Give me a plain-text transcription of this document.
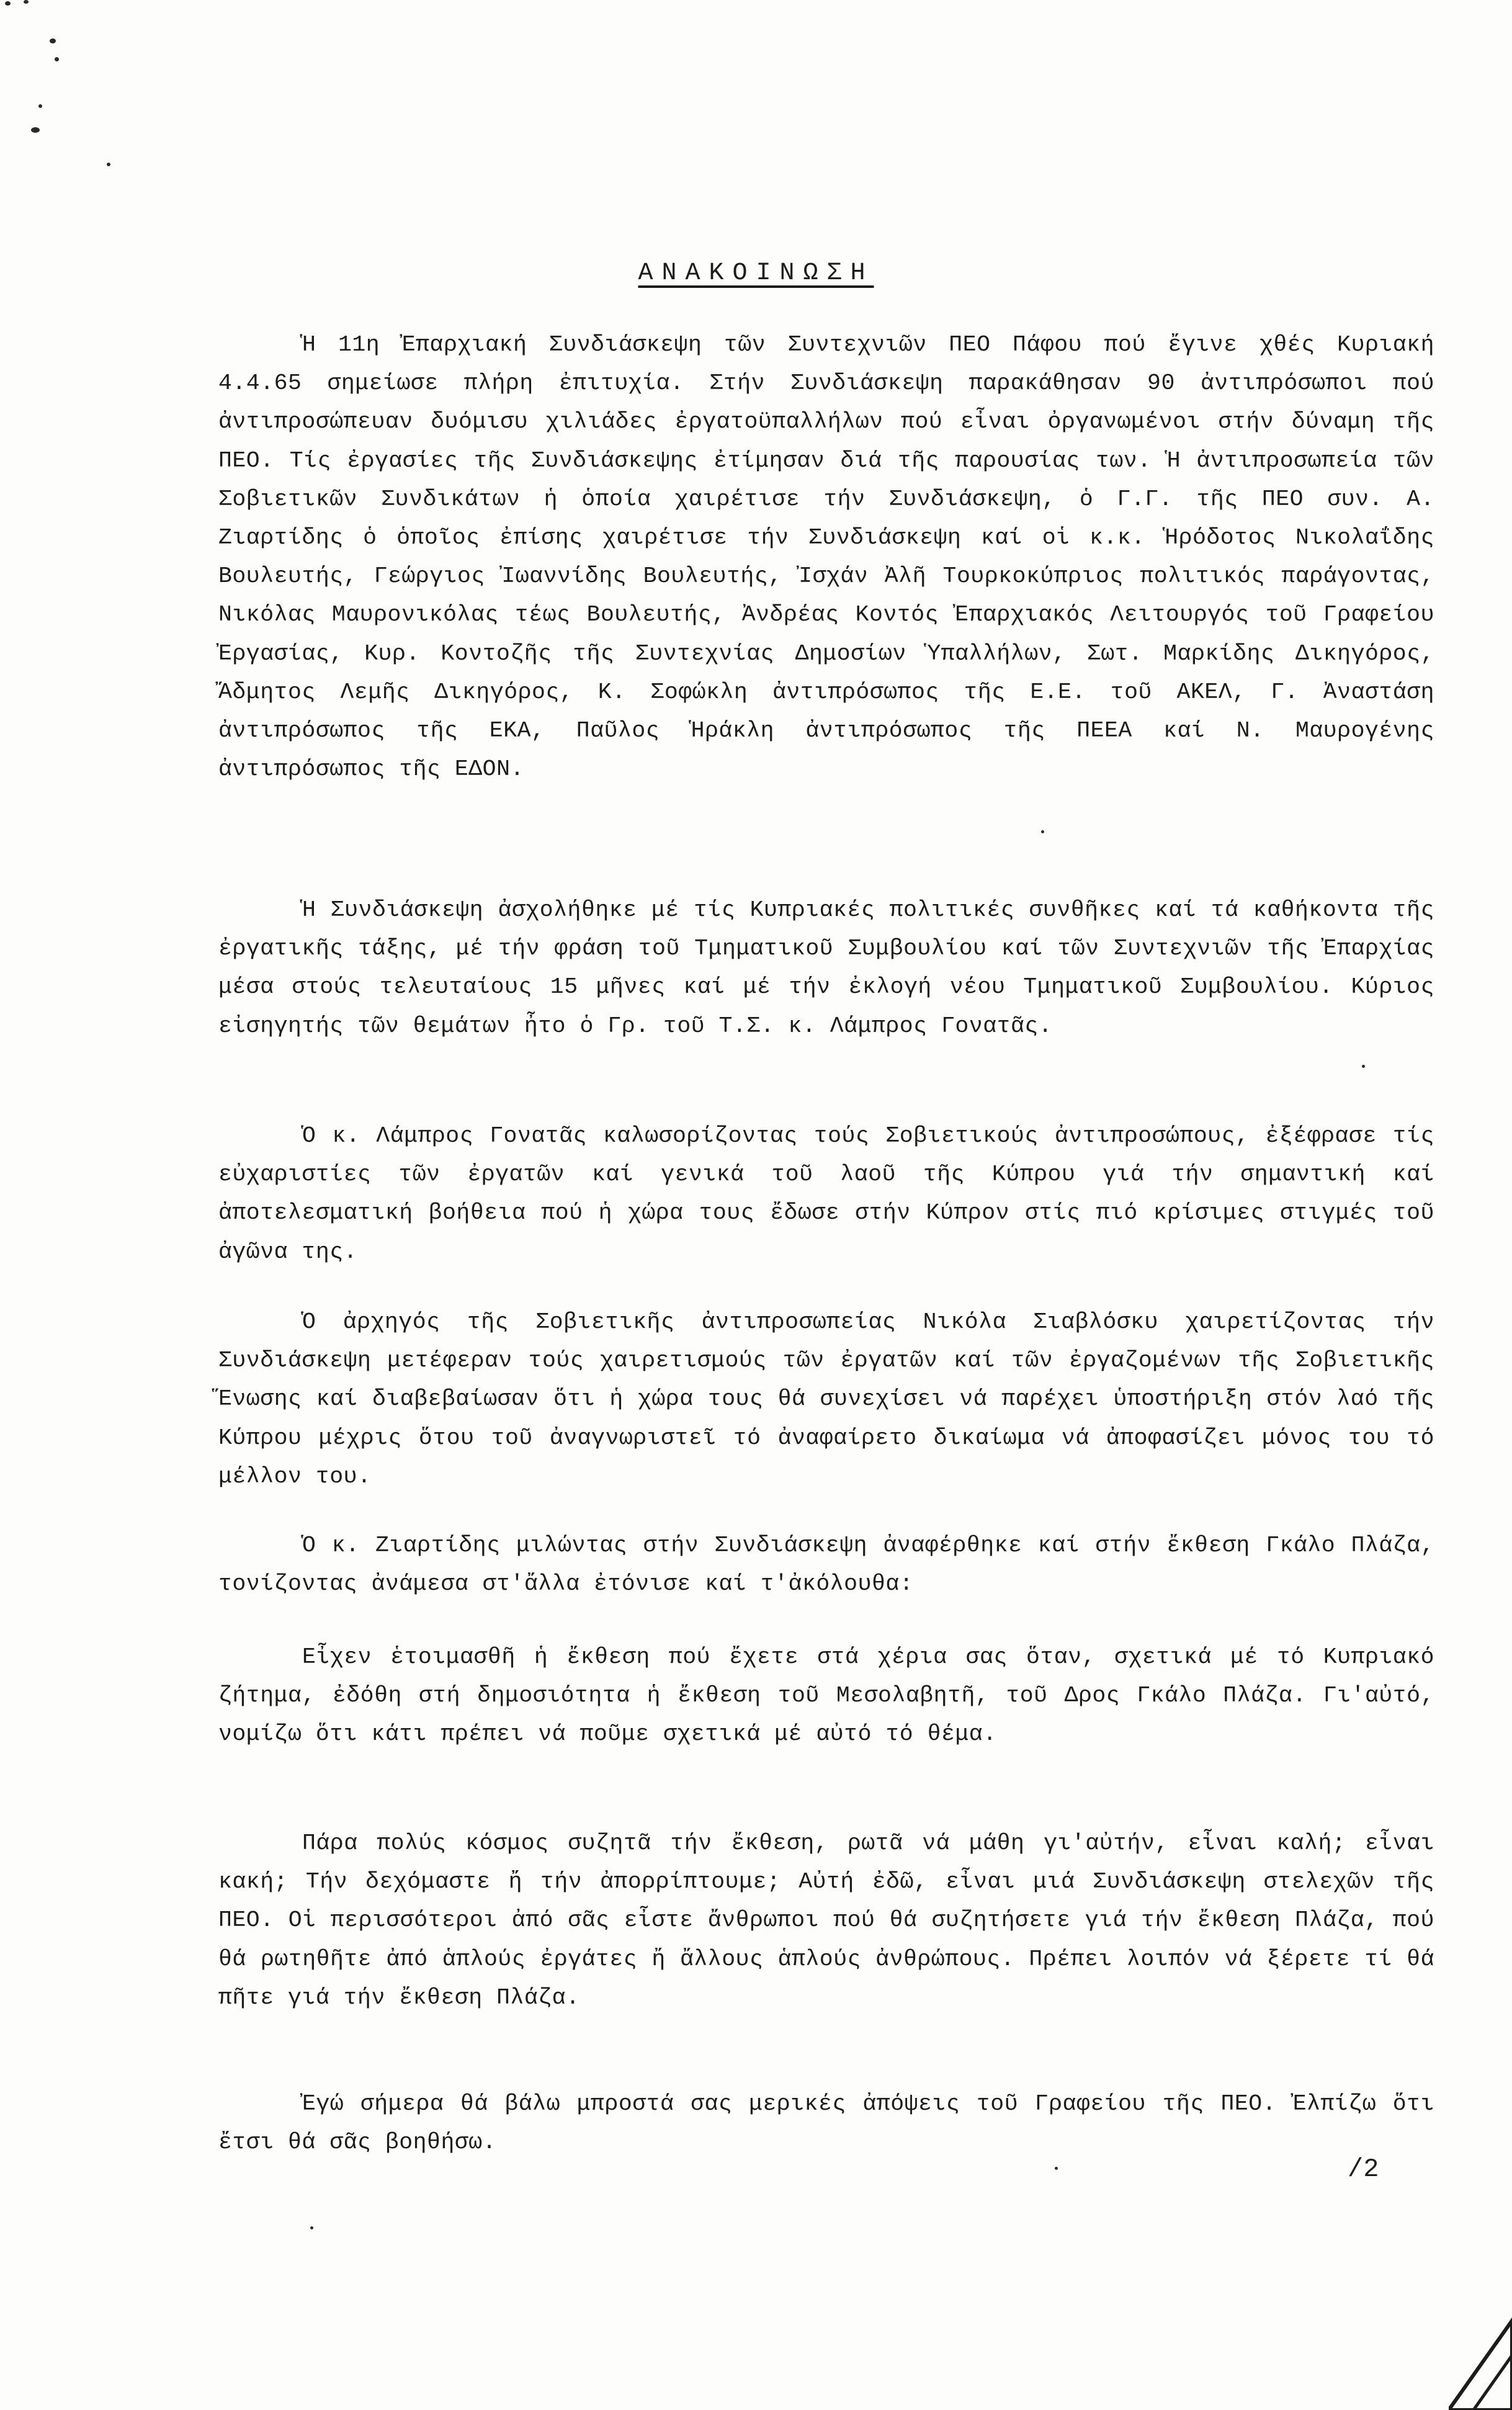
ΑΝΑΚΟΙΝΩΣΗ

Ἡ 11η Ἐπαρχιακή Συνδιάσκεψη τῶν Συντεχνιῶν ΠΕΟ Πάφου πού ἔγινε χθές Κυριακή 4.4.65 σημείωσε πλήρη ἐπιτυχία. Στήν Συνδιάσκεψη παρακάθησαν 90 ἀντιπρόσωποι πού ἀντιπροσώπευαν δυόμισυ χιλιάδες ἐργατοϋπαλλήλων πού εἶναι ὀργανωμένοι στήν δύναμη τῆς ΠΕΟ. Τίς ἐργασίες τῆς Συνδιάσκεψης ἐτίμησαν διά τῆς παρουσίας των. Ἡ ἀντιπροσωπεία τῶν Σοβιετικῶν Συνδικάτων ἡ ὁποία χαιρέτισε τήν Συνδιάσκεψη, ὁ Γ.Γ. τῆς ΠΕΟ συν. Α. Ζιαρτίδης ὁ ὁποῖος ἐπίσης χαιρέτισε τήν Συνδιάσκεψη καί οἱ κ.κ. Ἡρόδοτος Νικολαΐδης Βουλευτής, Γεώργιος Ἰωαννίδης Βουλευτής, Ἰσχάν Ἀλῆ Τουρκοκύπριος πολιτικός παράγοντας, Νικόλας Μαυρονικόλας τέως Βουλευτής, Ἀνδρέας Κοντός Ἐπαρχιακός Λειτουργός τοῦ Γραφείου Ἐργασίας, Κυρ. Κοντοζῆς τῆς Συντεχνίας Δημοσίων Ὑπαλλήλων, Σωτ. Μαρκίδης Δικηγόρος, Ἄδμητος Λεμῆς Δικηγόρος, Κ. Σοφώκλη ἀντιπρόσωπος τῆς Ε.Ε. τοῦ ΑΚΕΛ, Γ. Ἀναστάση ἀντιπρόσωπος τῆς ΕΚΑ, Παῦλος Ἡράκλη ἀντιπρόσωπος τῆς ΠΕΕΑ καί Ν. Μαυρογένης ἀντιπρόσωπος τῆς ΕΔΟΝ.

Ἡ Συνδιάσκεψη ἀσχολήθηκε μέ τίς Κυπριακές πολιτικές συνθῆκες καί τά καθήκοντα τῆς ἐργατικῆς τάξης, μέ τήν φράση τοῦ Τμηματικοῦ Συμβουλίου καί τῶν Συντεχνιῶν τῆς Ἐπαρχίας μέσα στούς τελευταίους 15 μῆνες καί μέ τήν ἐκλογή νέου Τμηματικοῦ Συμβουλίου. Κύριος εἰσηγητής τῶν θεμάτων ἦτο ὁ Γρ. τοῦ Τ.Σ. κ. Λάμπρος Γονατᾶς.

Ὁ κ. Λάμπρος Γονατᾶς καλωσορίζοντας τούς Σοβιετικούς ἀντιπροσώπους, ἐξέφρασε τίς εὐχαριστίες τῶν ἐργατῶν καί γενικά τοῦ λαοῦ τῆς Κύπρου γιά τήν σημαντική καί ἀποτελεσματική βοήθεια πού ἡ χώρα τους ἔδωσε στήν Κύπρον στίς πιό κρίσιμες στιγμές τοῦ ἀγῶνα της.

Ὁ ἀρχηγός τῆς Σοβιετικῆς ἀντιπροσωπείας Νικόλα Σιαβλόσκυ χαιρετίζοντας τήν Συνδιάσκεψη μετέφεραν τούς χαιρετισμούς τῶν ἐργατῶν καί τῶν ἐργαζομένων τῆς Σοβιετικῆς Ἕνωσης καί διαβεβαίωσαν ὅτι ἡ χώρα τους θά συνεχίσει νά παρέχει ὑποστήριξη στόν λαό τῆς Κύπρου μέχρις ὅτου τοῦ ἀναγνωριστεῖ τό ἀναφαίρετο δικαίωμα νά ἀποφασίζει μόνος του τό μέλλον του.

Ὁ κ. Ζιαρτίδης μιλώντας στήν Συνδιάσκεψη ἀναφέρθηκε καί στήν ἔκθεση Γκάλο Πλάζα, τονίζοντας ἀνάμεσα στ'ἄλλα ἐτόνισε καί τ'ἀκόλουθα:

Εἶχεν ἑτοιμασθῆ ἡ ἔκθεση πού ἔχετε στά χέρια σας ὅταν, σχετικά μέ τό Κυπριακό ζήτημα, ἐδόθη στή δημοσιότητα ἡ ἔκθεση τοῦ Μεσολαβητῆ, τοῦ Δρος Γκάλο Πλάζα. Γι'αὐτό, νομίζω ὅτι κάτι πρέπει νά ποῦμε σχετικά μέ αὐτό τό θέμα.

Πάρα πολύς κόσμος συζητᾶ τήν ἔκθεση, ρωτᾶ νά μάθη γι'αὐτήν, εἶναι καλή; εἶναι κακή; Τήν δεχόμαστε ἤ τήν ἀπορρίπτουμε; Αὐτή ἐδῶ, εἶναι μιά Συνδιάσκεψη στελεχῶν τῆς ΠΕΟ. Οἱ περισσότεροι ἀπό σᾶς εἶστε ἄνθρωποι πού θά συζητήσετε γιά τήν ἔκθεση Πλάζα, πού θά ρωτηθῆτε ἀπό ἁπλούς ἐργάτες ἤ ἄλλους ἁπλούς ἀνθρώπους. Πρέπει λοιπόν νά ξέρετε τί θά πῆτε γιά τήν ἔκθεση Πλάζα.

Ἐγώ σήμερα θά βάλω μπροστά σας μερικές ἀπόψεις τοῦ Γραφείου τῆς ΠΕΟ. Ἐλπίζω ὅτι ἔτσι θά σᾶς βοηθήσω.

/2
